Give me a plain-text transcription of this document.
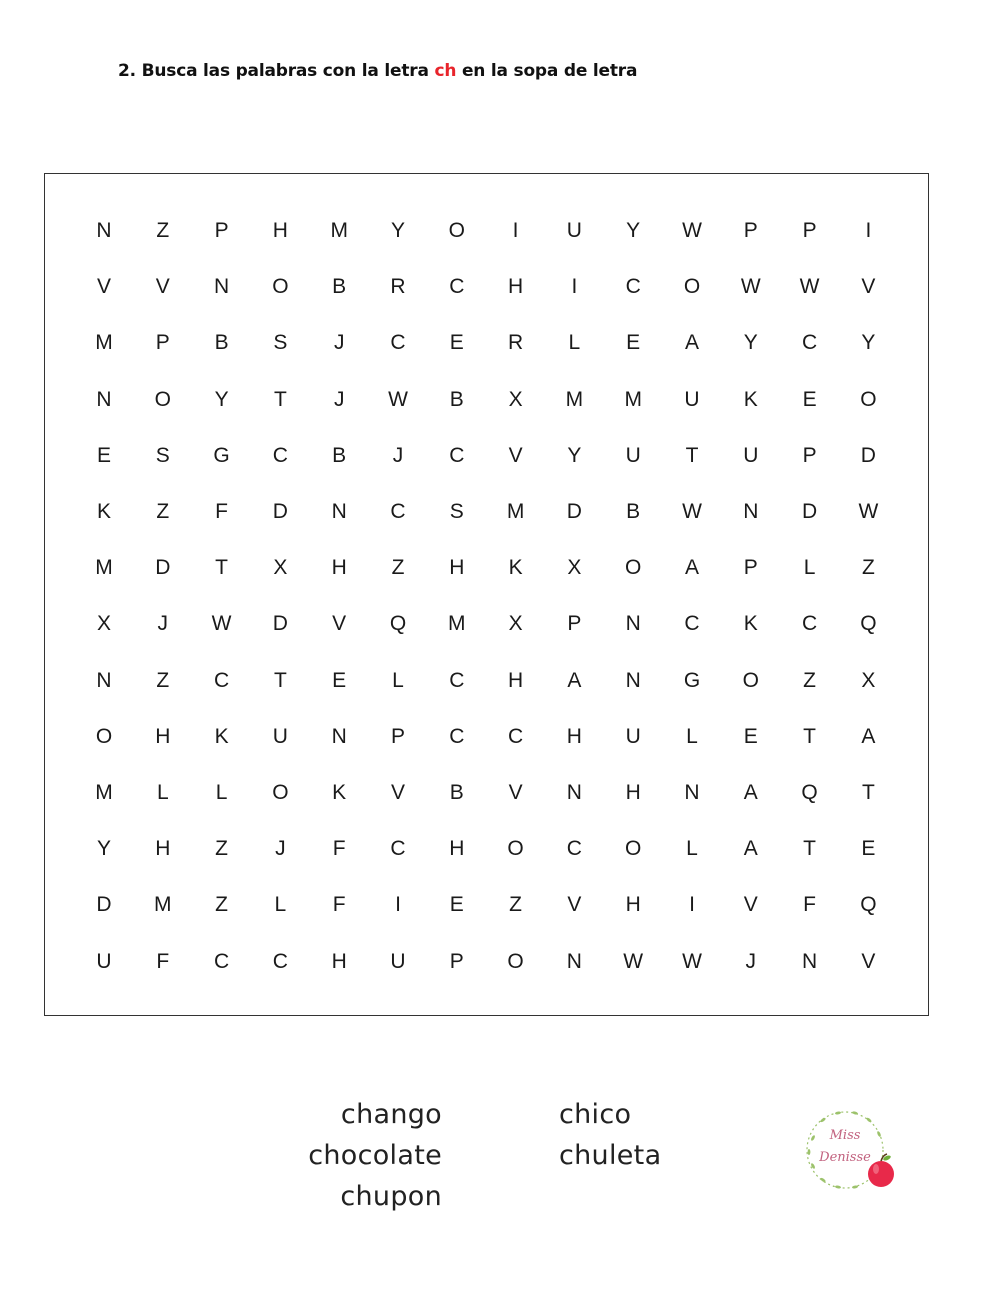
2. Busca las palabras con la letra ch en la sopa de letra
N	Z	P	H	M	Y	O	I	U	Y	W	P	P	I
V	V	N	O	B	R	C	H	I	C	O	W	W	V
M	P	B	S	J	C	E	R	L	E	A	Y	C	Y
N	O	Y	T	J	W	B	X	M	M	U	K	E	O
E	S	G	C	B	J	C	V	Y	U	T	U	P	D
K	Z	F	D	N	C	S	M	D	B	W	N	D	W
M	D	T	X	H	Z	H	K	X	O	A	P	L	Z
X	J	W	D	V	Q	M	X	P	N	C	K	C	Q
N	Z	C	T	E	L	C	H	A	N	G	O	Z	X
O	H	K	U	N	P	C	C	H	U	L	E	T	A
M	L	L	O	K	V	B	V	N	H	N	A	Q	T
Y	H	Z	J	F	C	H	O	C	O	L	A	T	E
D	M	Z	L	F	I	E	Z	V	H	I	V	F	Q
U	F	C	C	H	U	P	O	N	W	W	J	N	V
chango
chocolate
chupon
chico
chuleta
Miss
Denisse
